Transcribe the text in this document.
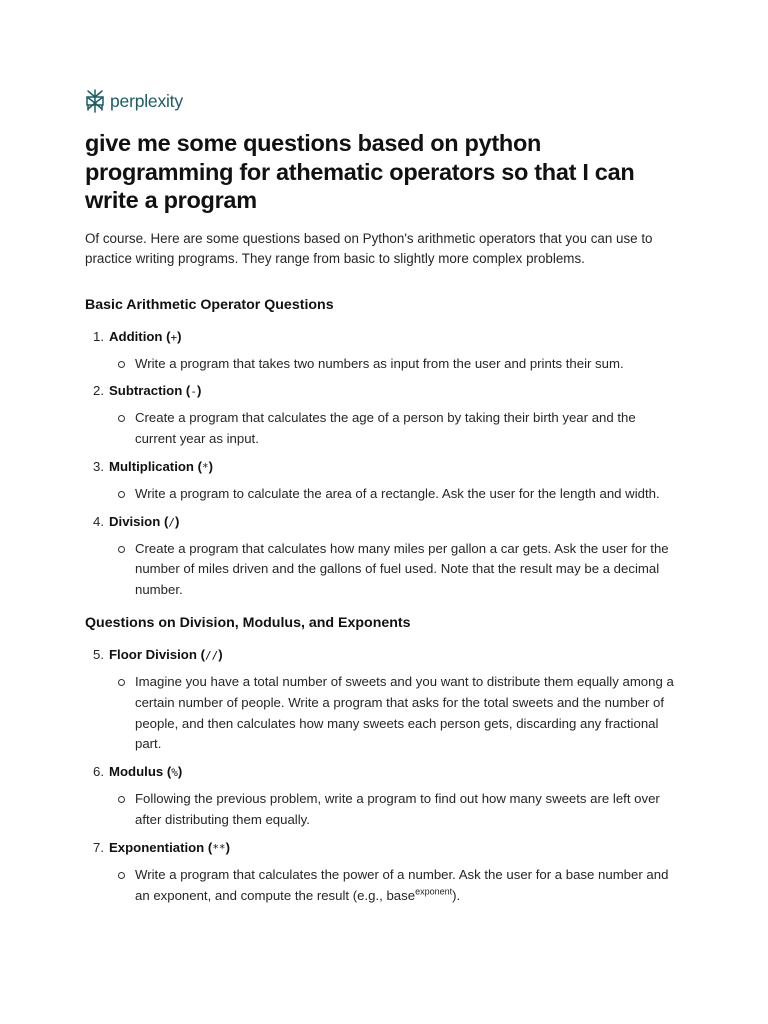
perplexity
give me some questions based on python programming for athematic operators so that I can write a program

Of course. Here are some questions based on Python's arithmetic operators that you can use to practice writing programs. They range from basic to slightly more complex problems.

Basic Arithmetic Operator Questions
1. Addition (+)
Write a program that takes two numbers as input from the user and prints their sum.
2. Subtraction (-)
Create a program that calculates the age of a person by taking their birth year and the current year as input.
3. Multiplication (*)
Write a program to calculate the area of a rectangle. Ask the user for the length and width.
4. Division (/)
Create a program that calculates how many miles per gallon a car gets. Ask the user for the number of miles driven and the gallons of fuel used. Note that the result may be a decimal number.
Questions on Division, Modulus, and Exponents
5. Floor Division (//)
Imagine you have a total number of sweets and you want to distribute them equally among a certain number of people. Write a program that asks for the total sweets and the number of people, and then calculates how many sweets each person gets, discarding any fractional part.
6. Modulus (%)
Following the previous problem, write a program to find out how many sweets are left over after distributing them equally.
7. Exponentiation (**)
Write a program that calculates the power of a number. Ask the user for a base number and an exponent, and compute the result (e.g., base$^{exponent}$).
